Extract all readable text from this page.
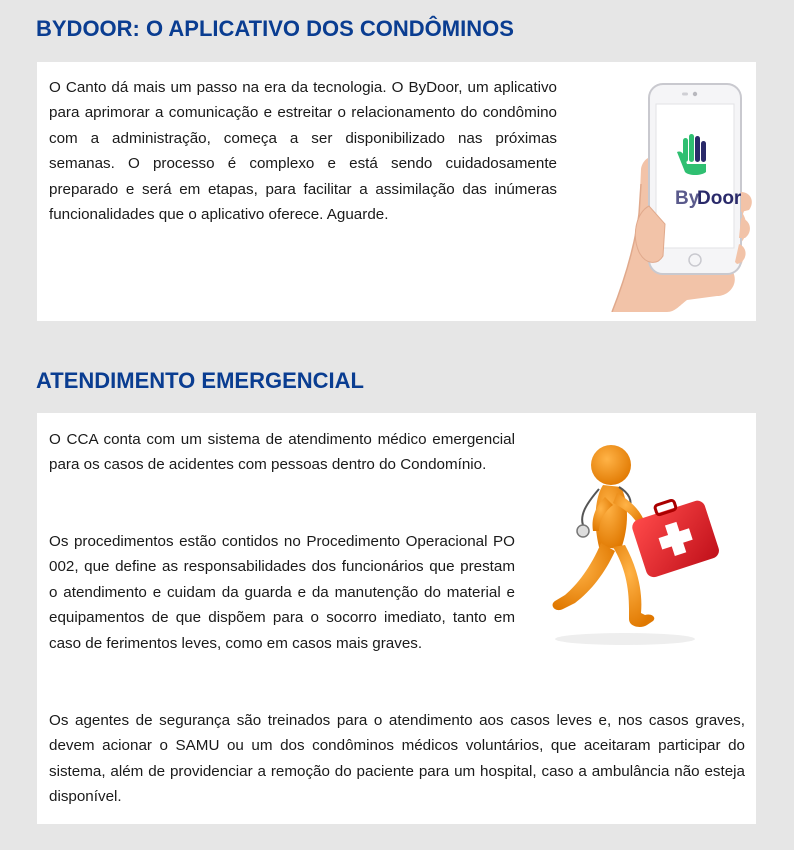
BYDOOR: O APLICATIVO DOS CONDÔMINOS

O Canto dá mais um passo na era da tecnologia. O ByDoor, um aplicativo para aprimorar a comunicação e estreitar o relacionamento do condômino com a administração, começa a ser disponibilizado nas próximas semanas. O processo é complexo e está sendo cuidadosamente preparado e será em etapas, para facilitar a assimilação das inúmeras funcionalidades que o aplicativo oferece. Aguarde.

By
Door
ATENDIMENTO EMERGENCIAL

O CCA conta com um sistema de atendimento médico emergencial para os casos de acidentes com pessoas dentro do Condomínio.

Os procedimentos estão contidos no Procedimento Operacional PO 002, que define as responsabilidades dos funcionários que prestam o atendimento e cuidam da guarda e da manutenção do material e equipamentos de que dispõem para o socorro imediato, tanto em caso de ferimentos leves, como em casos mais graves.

Os agentes de segurança são treinados para o atendimento aos casos leves e, nos casos graves, devem acionar o SAMU ou um dos condôminos médicos voluntários, que aceitaram participar do sistema, além de providenciar a remoção do paciente para um hospital, caso a ambulância não esteja disponível.
